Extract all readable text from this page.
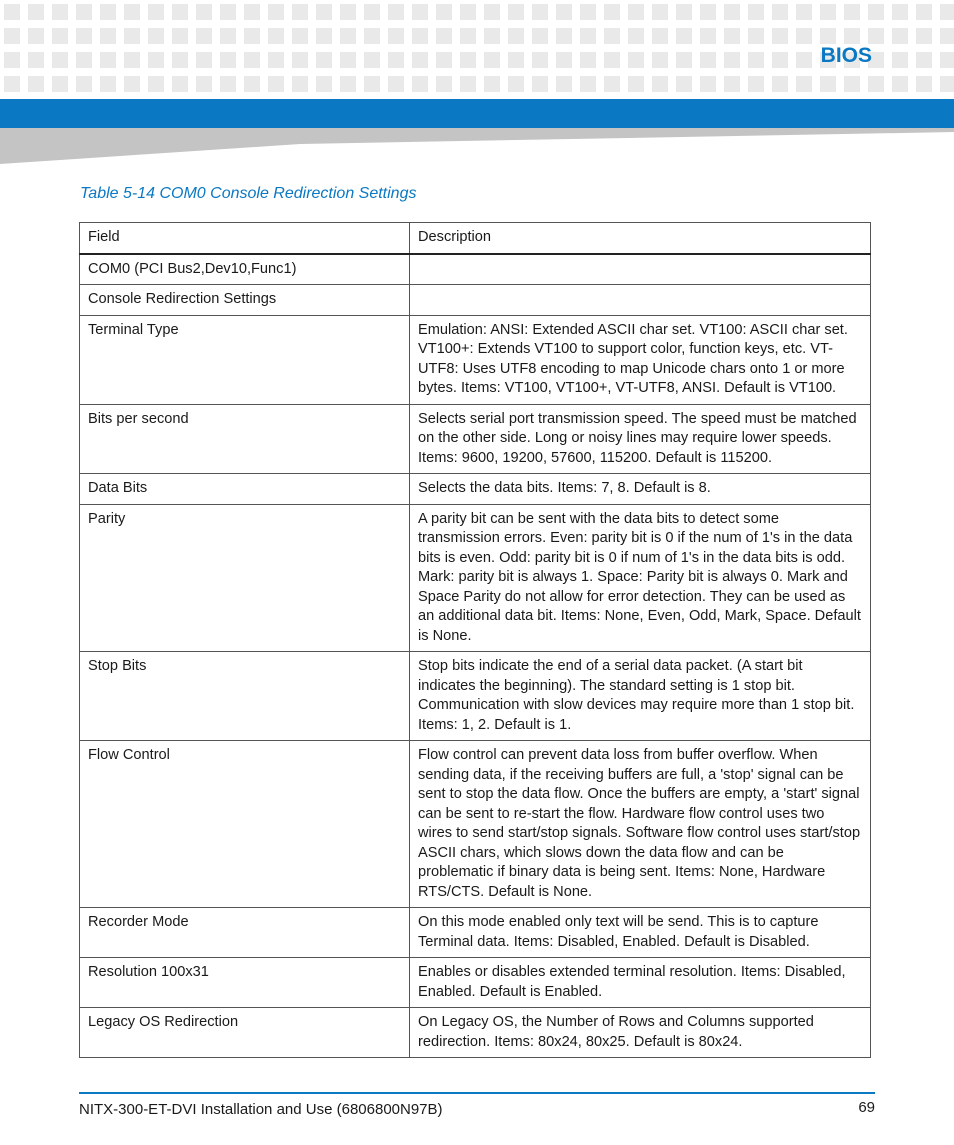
BIOS
Table 5-14 COM0 Console Redirection Settings
Field	Description
COM0 (PCI Bus2,Dev10,Func1)	
Console Redirection Settings	
Terminal Type	Emulation: ANSI: Extended ASCII char set. VT100: ASCII char set. VT100+: Extends VT100 to support color, function keys, etc. VT-UTF8: Uses UTF8 encoding to map Unicode chars onto 1 or more bytes. Items: VT100, VT100+, VT-UTF8, ANSI. Default is VT100.
Bits per second	Selects serial port transmission speed. The speed must be matched on the other side. Long or noisy lines may require lower speeds. Items: 9600, 19200, 57600, 115200. Default is 115200.
Data Bits	Selects the data bits. Items: 7, 8. Default is 8.
Parity	A parity bit can be sent with the data bits to detect some transmission errors. Even: parity bit is 0 if the num of 1's in the data bits is even. Odd: parity bit is 0 if num of 1's in the data bits is odd. Mark: parity bit is always 1. Space: Parity bit is always 0. Mark and Space Parity do not allow for error detection. They can be used as an additional data bit. Items: None, Even, Odd, Mark, Space. Default is None.
Stop Bits	Stop bits indicate the end of a serial data packet. (A start bit indicates the beginning). The standard setting is 1 stop bit. Communication with slow devices may require more than 1 stop bit. Items: 1, 2. Default is 1.
Flow Control	Flow control can prevent data loss from buffer overflow. When sending data, if the receiving buffers are full, a 'stop' signal can be sent to stop the data flow. Once the buffers are empty, a 'start' signal can be sent to re-start the flow. Hardware flow control uses two wires to send start/stop signals. Software flow control uses start/stop ASCII chars, which slows down the data flow and can be problematic if binary data is being sent. Items: None, Hardware RTS/CTS. Default is None.
Recorder Mode	On this mode enabled only text will be send. This is to capture Terminal data. Items: Disabled, Enabled. Default is Disabled.
Resolution 100x31	Enables or disables extended terminal resolution. Items: Disabled, Enabled. Default is Enabled.
Legacy OS Redirection	On Legacy OS, the Number of Rows and Columns supported redirection. Items: 80x24, 80x25. Default is 80x24.
NITX-300-ET-DVI Installation and Use (6806800N97B)	69
